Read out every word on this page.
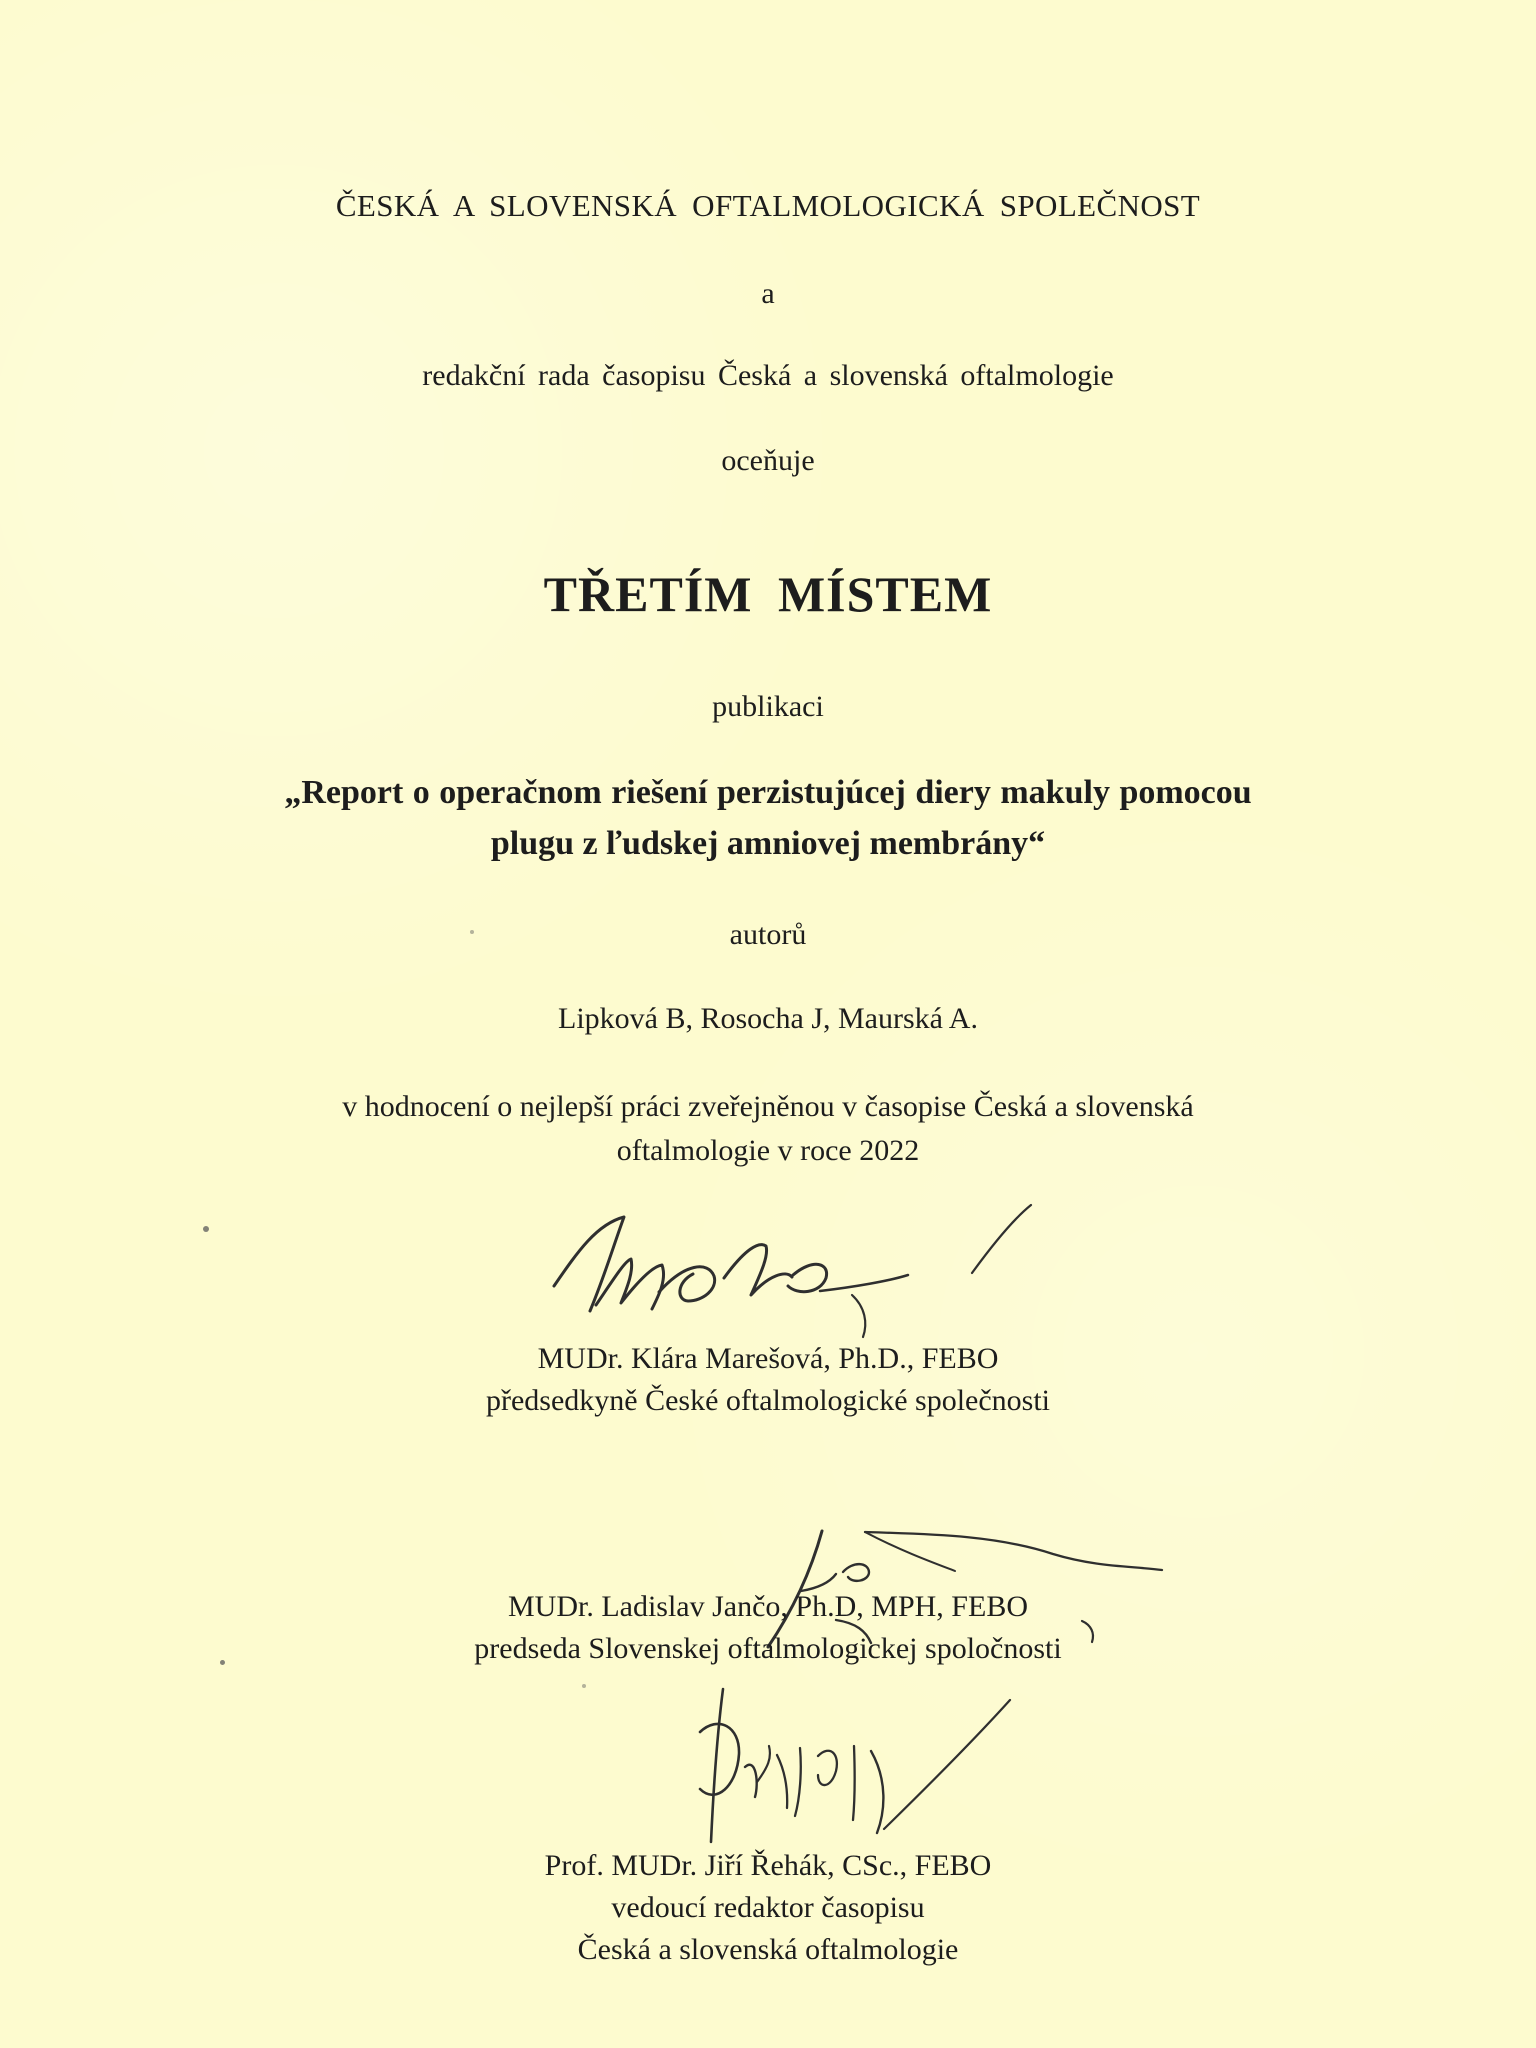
ČESKÁ A SLOVENSKÁ OFTALMOLOGICKÁ SPOLEČNOST
a
redakční rada časopisu Česká a slovenská oftalmologie
oceňuje
TŘETÍM MÍSTEM
publikaci
„Report o operačnom riešení perzistujúcej diery makuly pomocou
plugu z ľudskej amniovej membrány“
autorů
Lipková B, Rosocha J, Maurská A.
v hodnocení o nejlepší práci zveřejněnou v časopise Česká a slovenská
oftalmologie v roce 2022
MUDr. Klára Marešová, Ph.D., FEBO
předsedkyně České oftalmologické společnosti
MUDr. Ladislav Jančo, Ph.D, MPH, FEBO
predseda Slovenskej oftalmologickej spoločnosti
Prof. MUDr. Jiří Řehák, CSc., FEBO
vedoucí redaktor časopisu
Česká a slovenská oftalmologie
